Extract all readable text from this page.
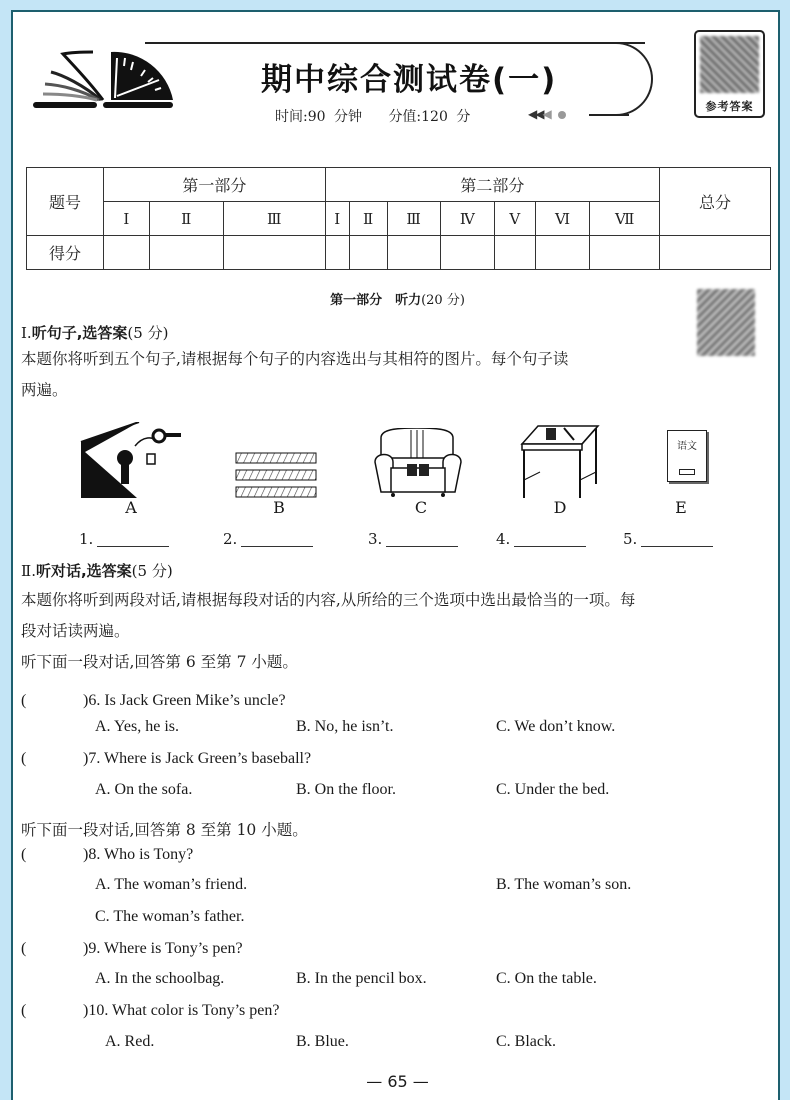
期中综合测试卷(一)
时间:90 分钟 分值:120 分	◀◀◀
参考答案
题号	第一部分			第二部分							总分
	Ⅰ	Ⅱ	Ⅲ	Ⅰ	Ⅱ	Ⅲ	Ⅳ	Ⅴ	Ⅵ	Ⅶ	
得分											
第一部分　听力(20 分)
Ⅰ.听句子,选答案(5 分)
本题你将听到五个句子,请根据每个句子的内容选出与其相符的图片。每个句子读
两遍。
语文
A	B	C	D	E
1.	2.	3.	4.	5.
Ⅱ.听对话,选答案(5 分)
本题你将听到两段对话,请根据每段对话的内容,从所给的三个选项中选出最恰当的一项。每
段对话读两遍。
听下面一段对话,回答第 6 至第 7 小题。
(	)6. Is Jack Green Mike’s uncle?
A. Yes, he is.	B. No, he isn’t.	C. We don’t know.
(	)7. Where is Jack Green’s baseball?
A. On the sofa.	B. On the floor.	C. Under the bed.
听下面一段对话,回答第 8 至第 10 小题。
(	)8. Who is Tony?
A. The woman’s friend.	B. The woman’s son.
C. The woman’s father.
(	)9. Where is Tony’s pen?
A. In the schoolbag.	B. In the pencil box.	C. On the table.
(	)10. What color is Tony’s pen?
A. Red.	B. Blue.	C. Black.
— 65 —
